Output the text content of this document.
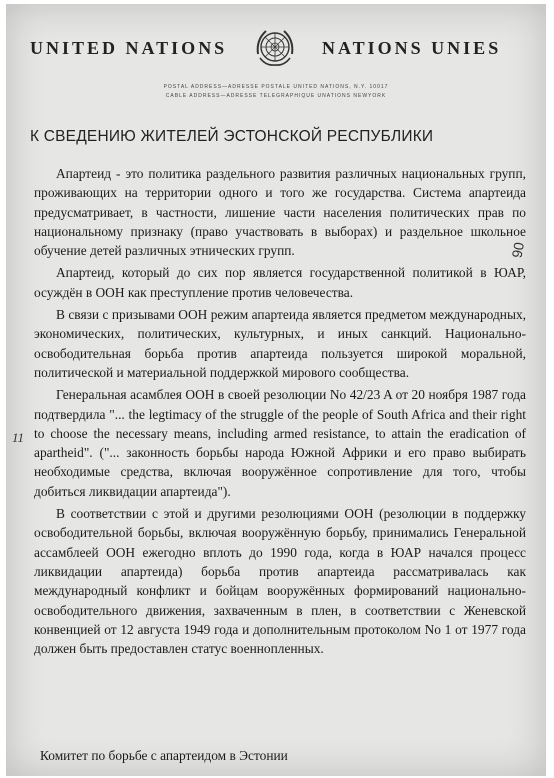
UNITED NATIONS	NATIONS UNIES
POSTAL ADDRESS—ADRESSE POSTALE UNITED NATIONS, N.Y. 10017
CABLE ADDRESS—ADRESSE TELEGRAPHIQUE UNATIONS NEWYORK
К СВЕДЕНИЮ ЖИТЕЛЕЙ ЭСТОНСКОЙ РЕСПУБЛИКИ

Апартеид - это политика раздельного развития различных национальных групп, проживающих на территории одного и того же государства. Система апартеида предусматривает, в частности, лишение части населения политических прав по национальному признаку (право участвовать в выборах) и раздельное школьное обучение детей различных этнических групп.

Апартеид, который до сих пор является государственной политикой в ЮАР, осуждён в ООН как преступление против человечества.

В связи с призывами ООН режим апартеида является предметом международных, экономических, политических, культурных, и иных санкций. Национально-освободительная борьба против апартеида пользуется широкой моральной, политической и материальной поддержкой мирового сообщества.

Генеральная асамблея ООН в своей резолюции No 42/23 A от 20 ноября 1987 года подтвердила "... the legtimacy of the struggle of the people of South Africa and their right to choose the necessary means, including armed resistance, to attain the eradication of apartheid". ("... законность борьбы народа Южной Африки и его право выбирать необходимые средства, включая вооружённое сопротивление для того, чтобы добиться ликвидации апартеида").

В соответствии с этой и другими резолюциями ООН (резолюции в поддержку освободительной борьбы, включая вооружённую борьбу, принимались Генеральной ассамблеей ООН ежегодно вплоть до 1990 года, когда в ЮАР начался процесс ликвидации апартеида) борьба против апартеида рассматривалась как международный конфликт и бойцам вооружённых формирований национально-освободительного движения, захваченным в плен, в соответствии с Женевской конвенцией от 12 августа 1949 года и дополнительным протоколом No 1 от 1977 года должен быть предоставлен статус военнопленных.

11
90
Комитет по борьбе с апартеидом в Эстонии
